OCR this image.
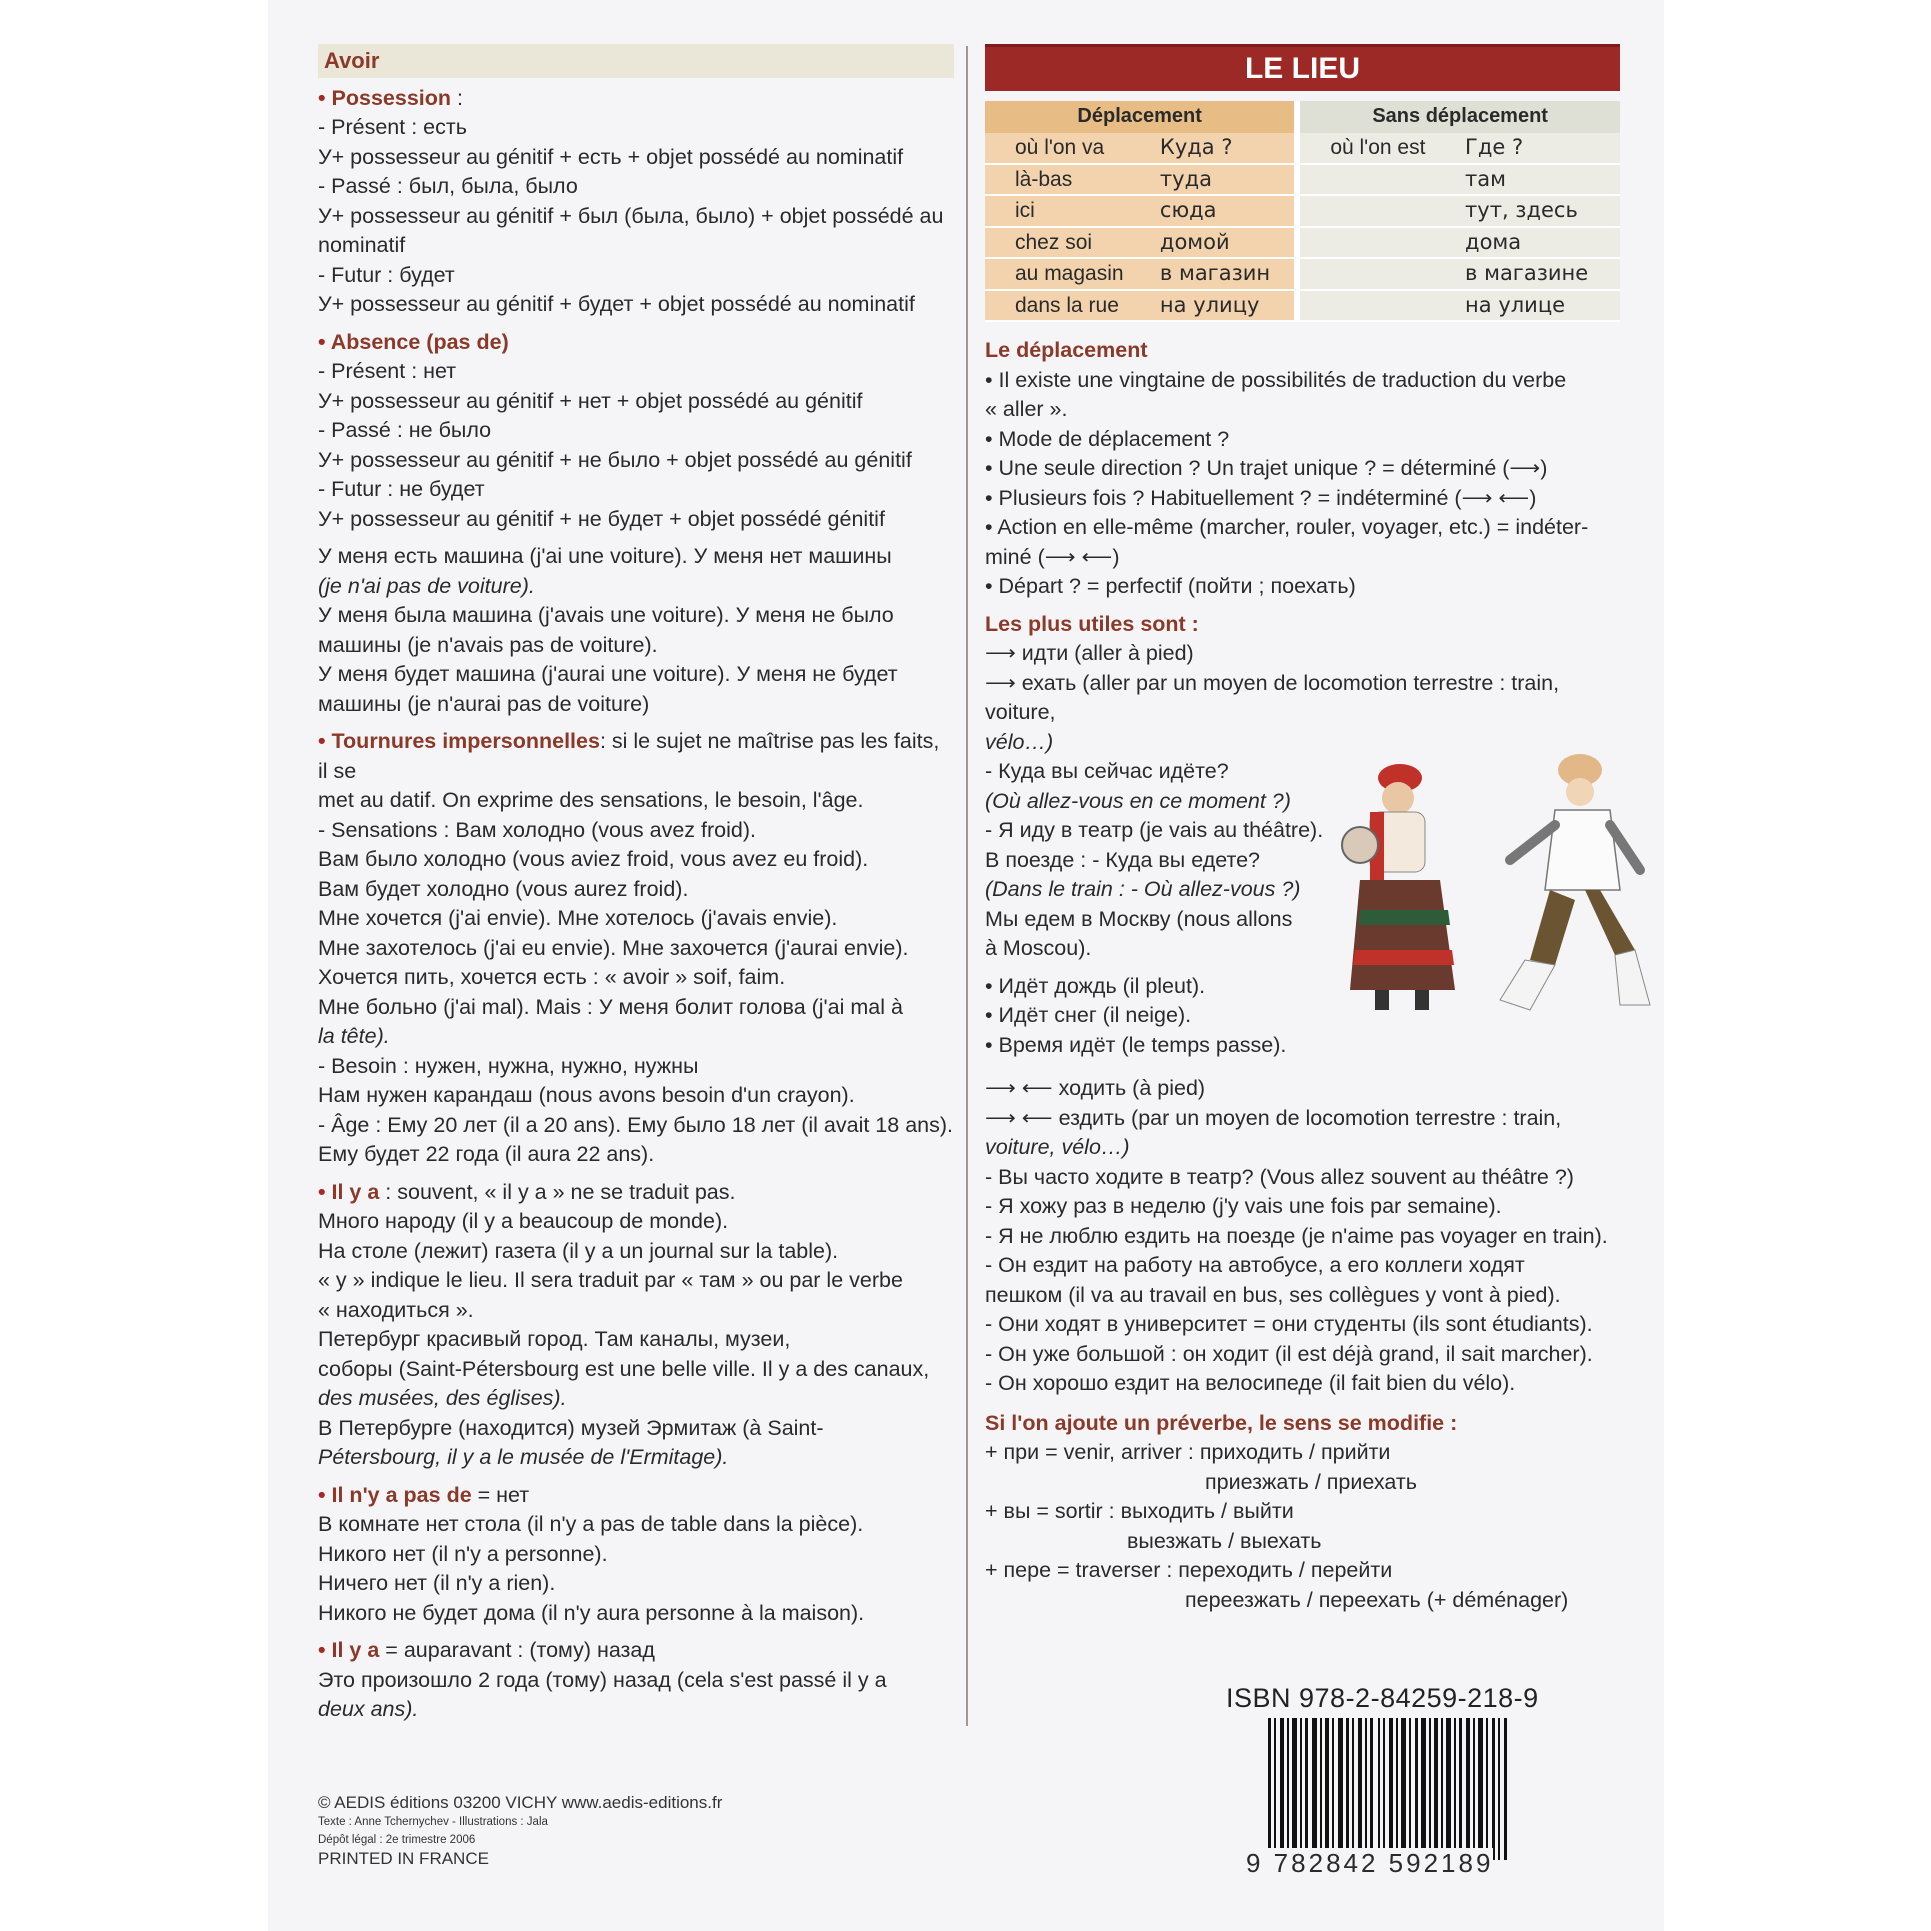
Avoir
• Possession :
- Présent : есть
У+ possesseur au génitif + есть + objet possédé au nominatif
- Passé : был, была, было
У+ possesseur au génitif + был (была, было) + objet possédé au
nominatif
- Futur : будет
У+ possesseur au génitif + будет + objet possédé au nominatif
• Absence (pas de)
- Présent : нет
У+ possesseur au génitif + нет + objet possédé au génitif
- Passé : не было
У+ possesseur au génitif + не было + objet possédé au génitif
- Futur : не будет
У+ possesseur au génitif + не будет + objet possédé génitif
У меня есть машина (j'ai une voiture). У меня нет машины
(je n'ai pas de voiture).
У меня была машина (j'avais une voiture). У меня не было
машины (je n'avais pas de voiture).
У меня будет машина (j'aurai une voiture). У меня не будет
машины (je n'aurai pas de voiture)
• Tournures impersonnelles: si le sujet ne maîtrise pas les faits, il se
met au datif. On exprime des sensations, le besoin, l'âge.
- Sensations : Вам холодно (vous avez froid).
Вам было холодно (vous aviez froid, vous avez eu froid).
Вам будет холодно (vous aurez froid).
Мне хочется (j'ai envie). Мне хотелось (j'avais envie).
Мне захотелось (j'ai eu envie). Мне захочется (j'aurai envie).
Хочется пить, хочется есть : « avoir » soif, faim.
Мне больно (j'ai mal). Mais : У меня болит голова (j'ai mal à
la tête).
- Besoin : нужен, нужна, нужно, нужны
Нам нужен карандаш (nous avons besoin d'un crayon).
- Âge : Ему 20 лет (il a 20 ans). Ему было 18 лет (il avait 18 ans).
Ему будет 22 года (il aura 22 ans).
• Il y a : souvent, « il y a » ne se traduit pas.
Много народу (il y a beaucoup de monde).
На столе (лежит) газета (il y a un journal sur la table).
« у » indique le lieu. Il sera traduit par « там » ou par le verbe
« находиться ».
Петербург красивый город. Там каналы, музеи,
соборы (Saint-Pétersbourg est une belle ville. Il y a des canaux,
des musées, des églises).
В Петербурге (находится) музей Эрмитаж (à Saint-
Pétersbourg, il y a le musée de l'Ermitage).
• Il n'y a pas de = нет
В комнате нет стола (il n'y a pas de table dans la pièce).
Никого нет (il n'y a personne).
Ничего нет (il n'y a rien).
Никого не будет дома (il n'y aura personne à la maison).
• Il y a = auparavant : (тому) назад
Это произошло 2 года (тому) назад (cela s'est passé il y a
deux ans).
LE LIEU
Déplacement		Sans déplacement	
où l'on va	Куда ?	où l'on est	Где ?
là-bas	туда		там
ici	сюда		тут, здесь
chez soi	домой		дома
au magasin	в магазин		в магазине
dans la rue	на улицу		на улице
Le déplacement
• Il existe une vingtaine de possibilités de traduction du verbe
« aller ».
• Mode de déplacement ?
• Une seule direction ? Un trajet unique ? = déterminé (⟶)
• Plusieurs fois ? Habituellement ? = indéterminé (⟶ ⟵)
• Action en elle-même (marcher, rouler, voyager, etc.) = indéter-
miné (⟶ ⟵)
• Départ ? = perfectif (пойти ; поехать)
Les plus utiles sont :
⟶ идти (aller à pied)
⟶ ехать (aller par un moyen de locomotion terrestre : train, voiture,
vélo…)
- Куда вы сейчас идёте?
(Où allez-vous en ce moment ?)
- Я иду в театр (je vais au théâtre).
В поезде : - Куда вы едете?
(Dans le train : - Où allez-vous ?)
Мы едем в Москву (nous allons
à Moscou).
• Идёт дождь (il pleut).
• Идёт снег (il neige).
• Время идёт (le temps passe).
⟶ ⟵ ходить (à pied)
⟶ ⟵ ездить (par un moyen de locomotion terrestre : train,
voiture, vélo…)
- Вы часто ходите в театр? (Vous allez souvent au théâtre ?)
- Я хожу раз в неделю (j'y vais une fois par semaine).
- Я не люблю ездить на поезде (je n'aime pas voyager en train).
- Он ездит на работу на автобусе, а его коллеги ходят
пешком (il va au travail en bus, ses collègues y vont à pied).
- Они ходят в университет = они студенты (ils sont étudiants).
- Он уже большой : он ходит (il est déjà grand, il sait marcher).
- Он хорошо ездит на велосипеде (il fait bien du vélo).
Si l'on ajoute un préverbe, le sens se modifie :
+ при = venir, arriver : приходить / прийти
приезжать / приехать
+ вы = sortir : выходить / выйти
выезжать / выехать
+ пере = traverser : переходить / перейти
переезжать / переехать (+ déménager)
ISBN 978-2-84259-218-9
9 782842 592189
© AEDIS éditions 03200 VICHY www.aedis-editions.fr
Texte : Anne Tchernychev - Illustrations : Jala
Dépôt légal : 2e trimestre 2006
PRINTED IN FRANCE
